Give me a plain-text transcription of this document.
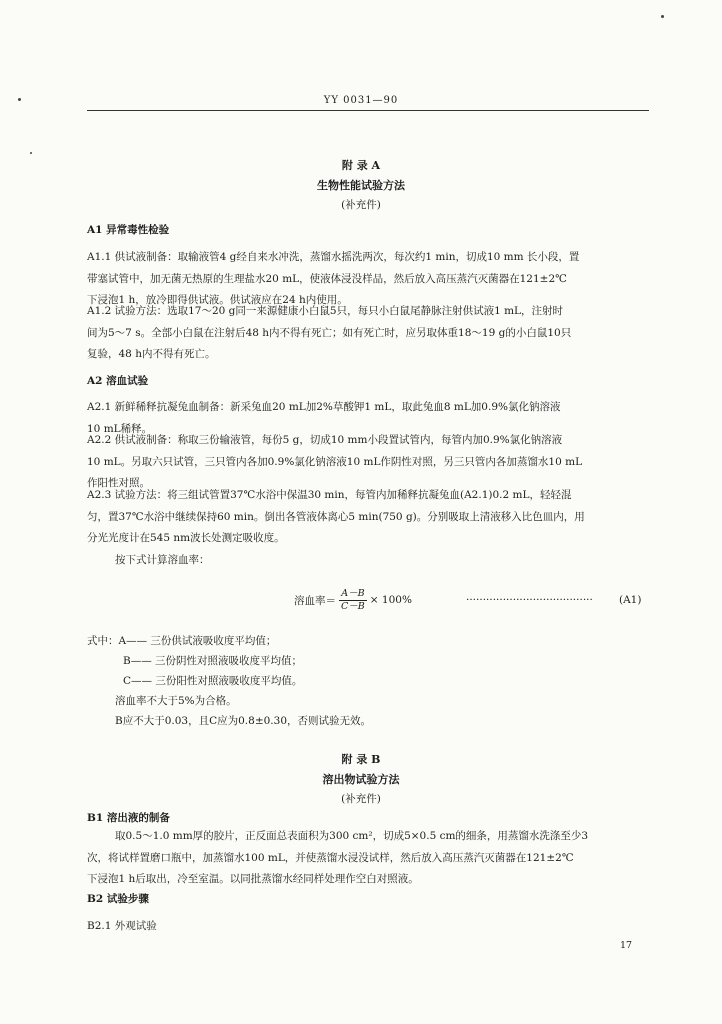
YY 0031—90
附 录 A
生物性能试验方法
(补充件)
A1 异常毒性检验
A1.1 供试液制备：取输液管4 g经自来水冲洗，蒸馏水摇洗两次，每次约1 min，切成10 mm 长小段，置
带塞试管中，加无菌无热原的生理盐水20 mL，使液体浸没样品，然后放入高压蒸汽灭菌器在121±2℃
下浸泡1 h，放冷即得供试液。供试液应在24 h内使用。
A1.2 试验方法：选取17～20 g同一来源健康小白鼠5只，每只小白鼠尾静脉注射供试液1 mL，注射时
间为5～7 s。全部小白鼠在注射后48 h内不得有死亡；如有死亡时，应另取体重18～19 g的小白鼠10只
复验，48 h内不得有死亡。
A2 溶血试验
A2.1 新鲜稀释抗凝兔血制备：新采兔血20 mL加2%草酸钾1 mL，取此兔血8 mL加0.9%氯化钠溶液
10 mL稀释。
A2.2 供试液制备：称取三份输液管，每份5 g，切成10 mm小段置试管内，每管内加0.9%氯化钠溶液
10 mL。另取六只试管，三只管内各加0.9%氯化钠溶液10 mL作阴性对照，另三只管内各加蒸馏水10 mL
作阳性对照。
A2.3 试验方法：将三组试管置37℃水浴中保温30 min，每管内加稀释抗凝兔血(A2.1)0.2 mL，轻轻混
匀，置37℃水浴中继续保持60 min。倒出各管液体离心5 min(750 g)。分别吸取上清液移入比色皿内，用
分光光度计在545 nm波长处测定吸收度。
按下式计算溶血率：
溶血率＝ $\frac{A-B}{C-B} \times 100\%$	······································ (A1)
式中：A—— 三份供试液吸收度平均值；
B—— 三份阴性对照液吸收度平均值；
C—— 三份阳性对照液吸收度平均值。
溶血率不大于5%为合格。
B应不大于0.03，且C应为0.8±0.30，否则试验无效。
附 录 B
溶出物试验方法
(补充件)
B1 溶出液的制备
取0.5～1.0 mm厚的胶片，正反面总表面积为300 cm²，切成5×0.5 cm的细条，用蒸馏水洗涤至少3
次，将试样置磨口瓶中，加蒸馏水100 mL，并使蒸馏水浸没试样，然后放入高压蒸汽灭菌器在121±2℃
下浸泡1 h后取出，冷至室温。以同批蒸馏水经同样处理作空白对照液。
B2 试验步骤
B2.1 外观试验
17
